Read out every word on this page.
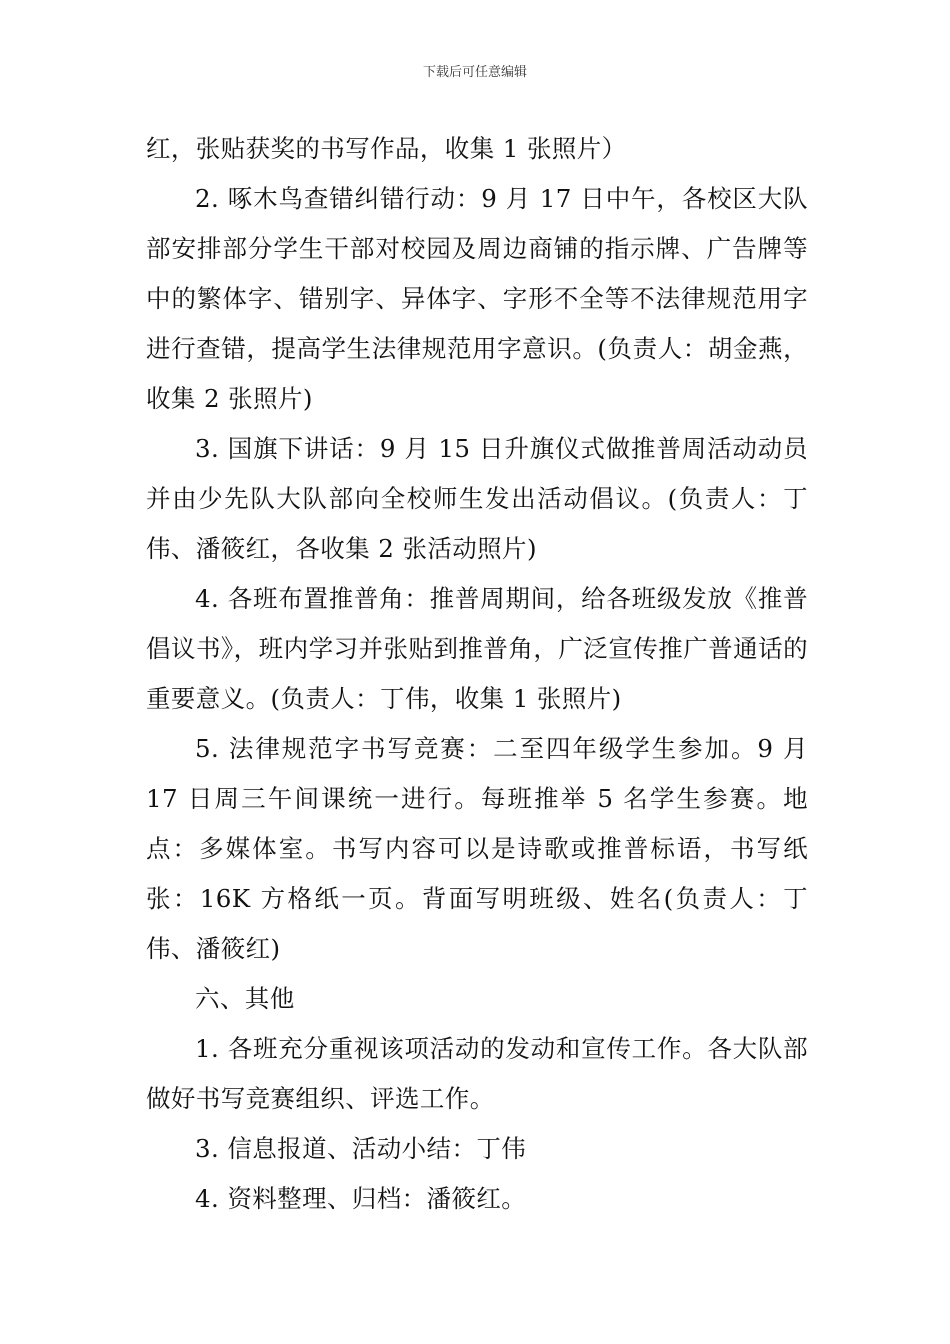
下载后可任意编辑

红，张贴获奖的书写作品，收集 1 张照片）

2. 啄木鸟查错纠错行动：9 月 17 日中午，各校区大队部安排部分学生干部对校园及周边商铺的指示牌、广告牌等中的繁体字、错别字、异体字、字形不全等不法律规范用字进行查错，提高学生法律规范用字意识。(负责人：胡金燕，收集 2 张照片)

3. 国旗下讲话：9 月 15 日升旗仪式做推普周活动动员并由少先队大队部向全校师生发出活动倡议。(负责人：丁伟、潘筱红，各收集 2 张活动照片)

4. 各班布置推普角：推普周期间，给各班级发放《推普倡议书》，班内学习并张贴到推普角，广泛宣传推广普通话的重要意义。(负责人：丁伟，收集 1 张照片)

5. 法律规范字书写竞赛：二至四年级学生参加。9 月 17 日周三午间课统一进行。每班推举 5 名学生参赛。地点：多媒体室。书写内容可以是诗歌或推普标语，书写纸张：16K 方格纸一页。背面写明班级、姓名(负责人：丁伟、潘筱红)

六、其他

1. 各班充分重视该项活动的发动和宣传工作。各大队部做好书写竞赛组织、评选工作。

3. 信息报道、活动小结：丁伟

4. 资料整理、归档：潘筱红。
